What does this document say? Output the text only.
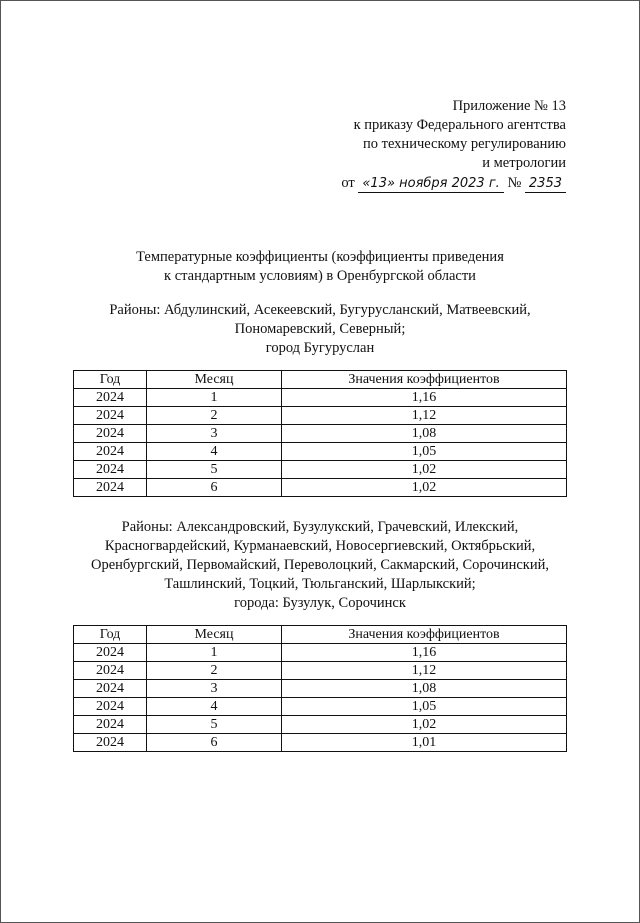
Приложение № 13
к приказу Федерального агентства
по техническому регулированию
и метрологии
от «13» ноября 2023 г. № 2353
Температурные коэффициенты (коэффициенты приведения
к стандартным условиям) в Оренбургской области
Районы: Абдулинский, Асекеевский, Бугурусланский, Матвеевский,
Пономаревский, Северный;
город Бугуруслан
Год	Месяц	Значения коэффициентов
2024	1	1,16
2024	2	1,12
2024	3	1,08
2024	4	1,05
2024	5	1,02
2024	6	1,02
Районы: Александровский, Бузулукский, Грачевский, Илекский,
Красногвардейский, Курманаевский, Новосергиевский, Октябрьский,
Оренбургский, Первомайский, Переволоцкий, Сакмарский, Сорочинский,
Ташлинский, Тоцкий, Тюльганский, Шарлыкский;
города: Бузулук, Сорочинск
Год	Месяц	Значения коэффициентов
2024	1	1,16
2024	2	1,12
2024	3	1,08
2024	4	1,05
2024	5	1,02
2024	6	1,01
